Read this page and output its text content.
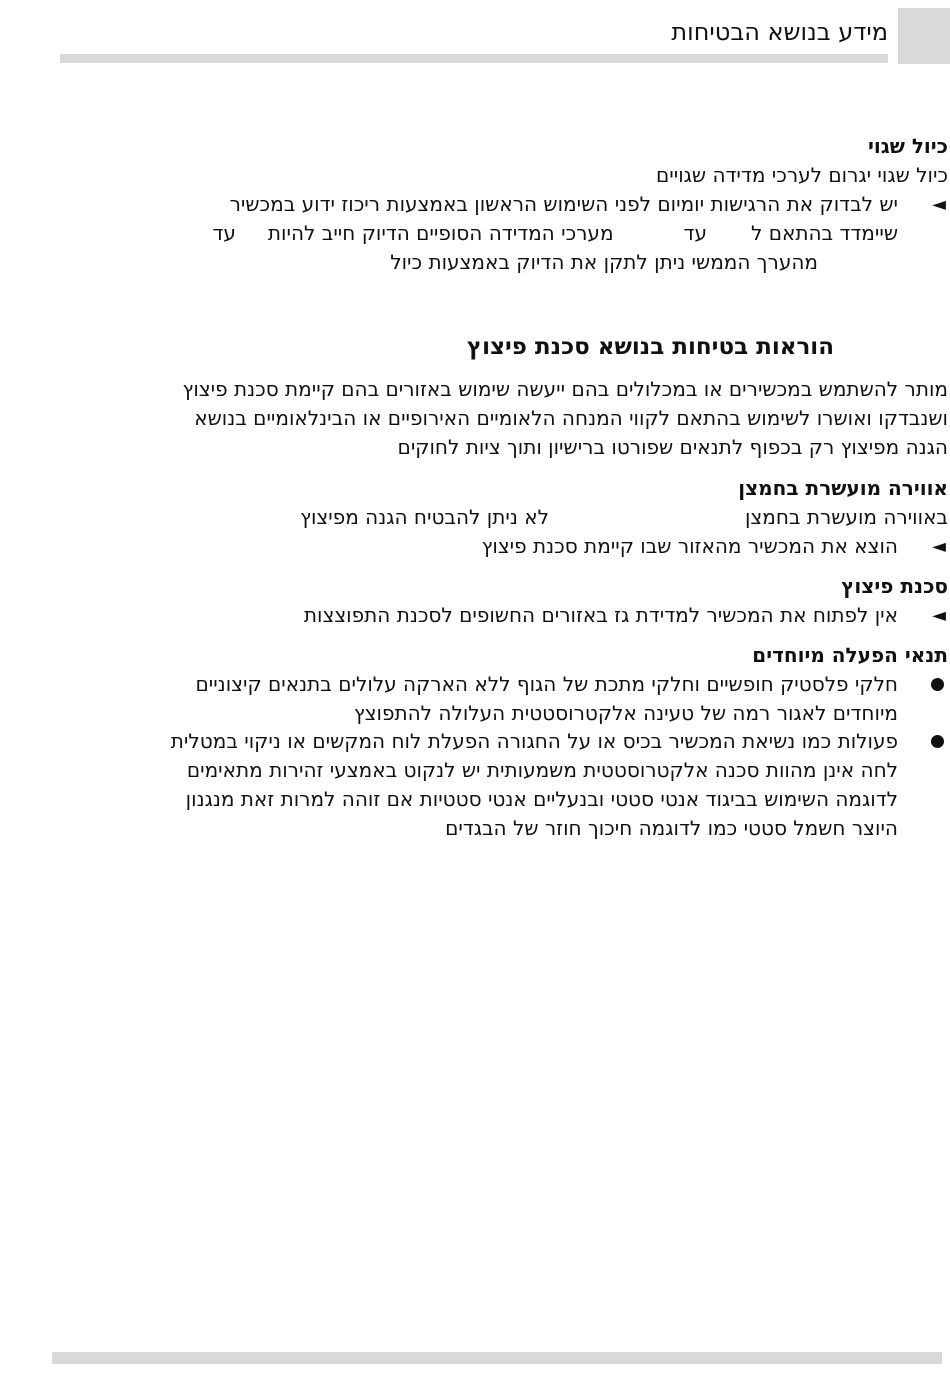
מידע בנושא הבטיחות
כיול שגוי
כיול שגוי יגרום לערכי מדידה שגויים
◄
יש לבדוק את הרגישות יומיום לפני השימוש הראשון באמצעות ריכוז ידוע במכשיר
שיימדד בהתאם לעדמערכי המדידה הסופיים הדיוק חייב להיותעד
מהערך הממשי ניתן לתקן את הדיוק באמצעות כיול
הוראות בטיחות בנושא סכנת פיצוץ
מותר להשתמש במכשירים או במכלולים בהם ייעשה שימוש באזורים בהם קיימת סכנת פיצוץ
ושנבדקו ואושרו לשימוש בהתאם לקווי המנחה הלאומיים האירופיים או הבינלאומיים בנושא
הגנה מפיצוץ רק בכפוף לתנאים שפורטו ברישיון ותוך ציות לחוקים
אווירה מועשרת בחמצן
באווירה מועשרת בחמצןלא ניתן להבטיח הגנה מפיצוץ
◄
הוצא את המכשיר מהאזור שבו קיימת סכנת פיצוץ
סכנת פיצוץ
◄
אין לפתוח את המכשיר למדידת גז באזורים החשופים לסכנת התפוצצות
תנאי הפעלה מיוחדים
חלקי פלסטיק חופשיים וחלקי מתכת של הגוף ללא הארקה עלולים בתנאים קיצוניים
מיוחדים לאגור רמה של טעינה אלקטרוסטטית העלולה להתפוצץ
פעולות כמו נשיאת המכשיר בכיס או על החגורה הפעלת לוח המקשים או ניקוי במטלית
לחה אינן מהוות סכנה אלקטרוסטטית משמעותית יש לנקוט באמצעי זהירות מתאימים
לדוגמה השימוש בביגוד אנטי סטטי ובנעליים אנטי סטטיות אם זוהה למרות זאת מנגנון
היוצר חשמל סטטי כמו לדוגמה חיכוך חוזר של הבגדים
